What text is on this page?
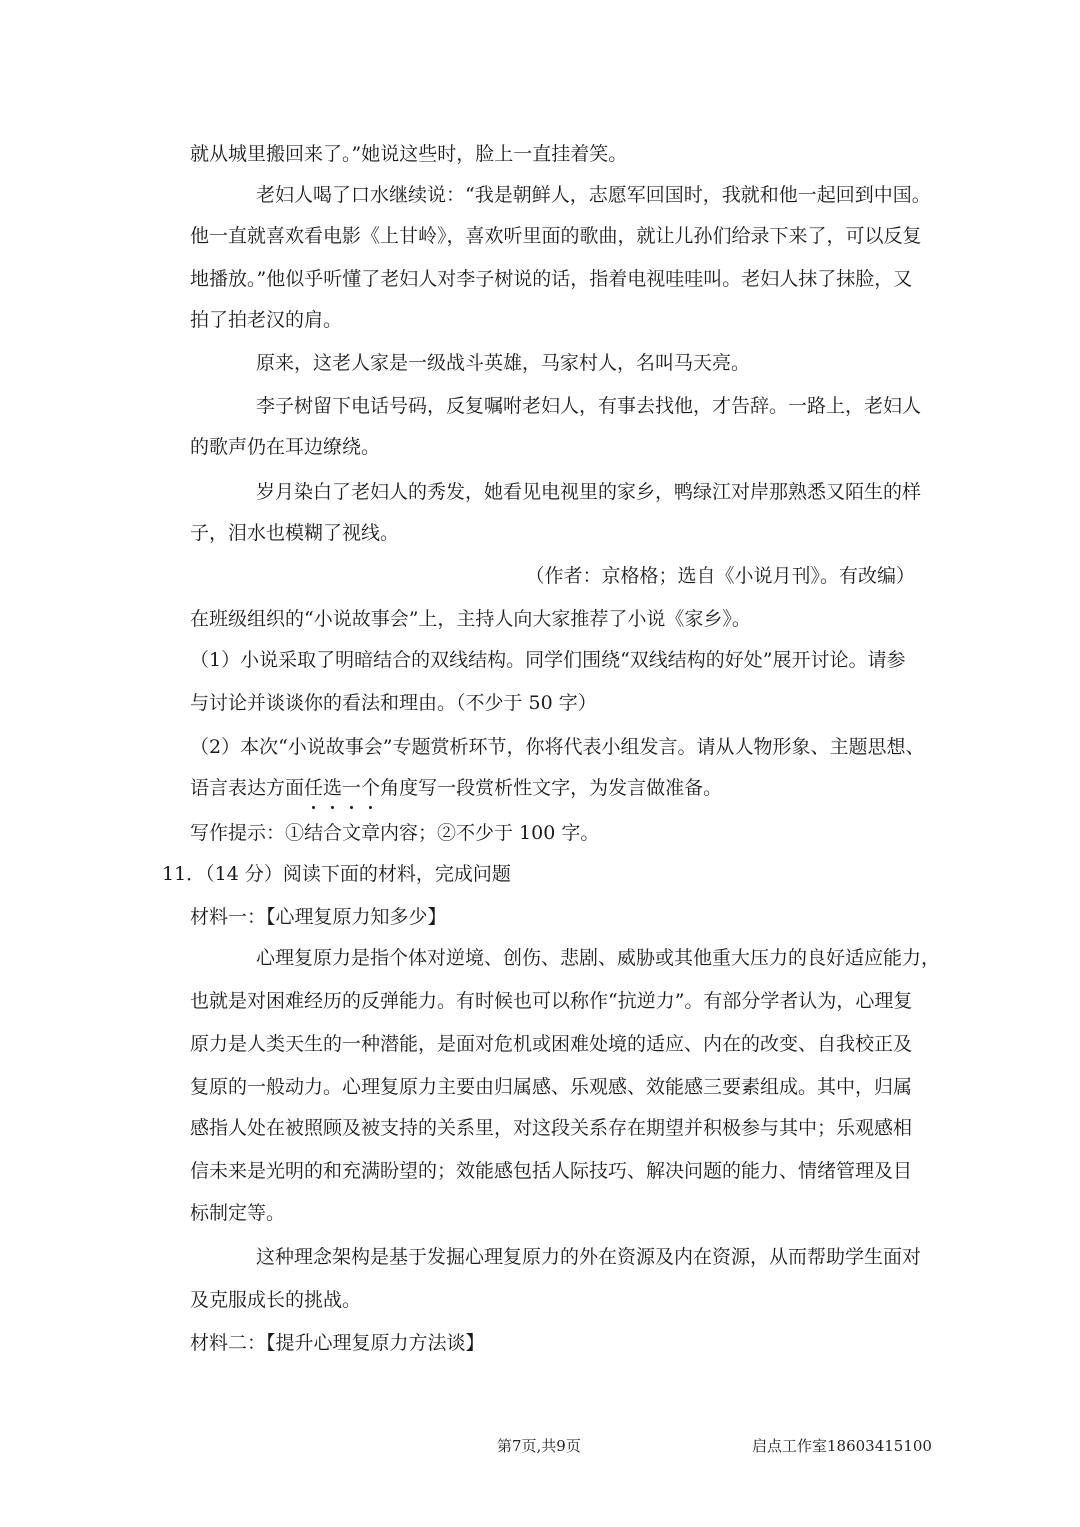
就从城里搬回来了。”她说这些时，脸上一直挂着笑。
老妇人喝了口水继续说：“我是朝鲜人，志愿军回国时，我就和他一起回到中国。
他一直就喜欢看电影《上甘岭》，喜欢听里面的歌曲，就让儿孙们给录下来了，可以反复
地播放。”他似乎听懂了老妇人对李子树说的话，指着电视哇哇叫。老妇人抹了抹脸，又
拍了拍老汉的肩。
原来，这老人家是一级战斗英雄，马家村人，名叫马天亮。
李子树留下电话号码，反复嘱咐老妇人，有事去找他，才告辞。一路上，老妇人
的歌声仍在耳边缭绕。
岁月染白了老妇人的秀发，她看见电视里的家乡，鸭绿江对岸那熟悉又陌生的样
子，泪水也模糊了视线。
（作者：京格格；选自《小说月刊》。有改编）
在班级组织的“小说故事会”上，主持人向大家推荐了小说《家乡》。
（1）小说采取了明暗结合的双线结构。同学们围绕“双线结构的好处”展开讨论。请参
与讨论并谈谈你的看法和理由。（不少于 50 字）
（2）本次“小说故事会”专题赏析环节，你将代表小组发言。请从人物形象、主题思想、
语言表达方面任选一个角度写一段赏析性文字，为发言做准备。
写作提示：①结合文章内容；②不少于 100 字。
11．（14 分）阅读下面的材料，完成问题
材料一：【心理复原力知多少】
心理复原力是指个体对逆境、创伤、悲剧、威胁或其他重大压力的良好适应能力，
也就是对困难经历的反弹能力。有时候也可以称作“抗逆力”。有部分学者认为，心理复
原力是人类天生的一种潜能，是面对危机或困难处境的适应、内在的改变、自我校正及
复原的一般动力。心理复原力主要由归属感、乐观感、效能感三要素组成。其中，归属
感指人处在被照顾及被支持的关系里，对这段关系存在期望并积极参与其中；乐观感相
信未来是光明的和充满盼望的；效能感包括人际技巧、解决问题的能力、情绪管理及目
标制定等。
这种理念架构是基于发掘心理复原力的外在资源及内在资源，从而帮助学生面对
及克服成长的挑战。
材料二：【提升心理复原力方法谈】
第7页,共9页	启点工作室18603415100
